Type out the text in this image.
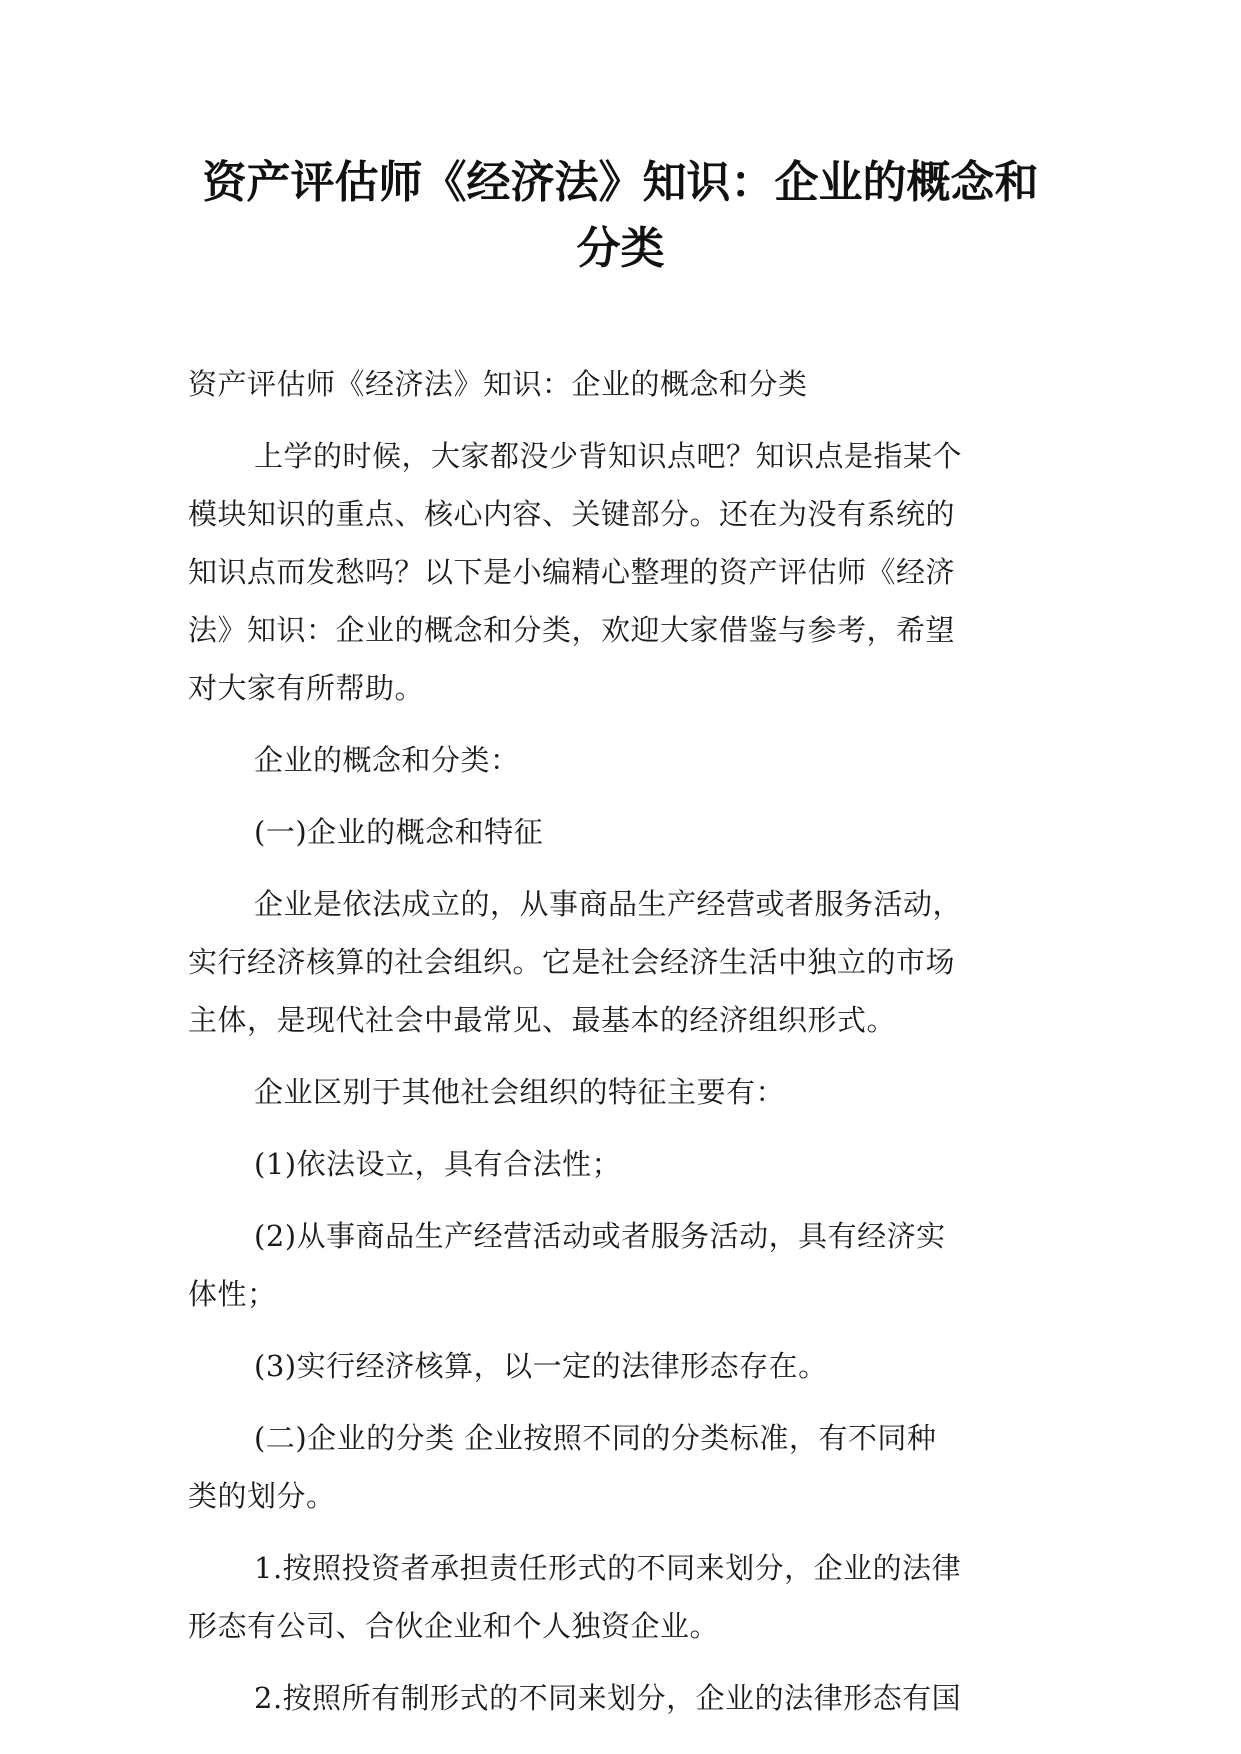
资产评估师《经济法》知识：企业的概念和
分类

资产评估师《经济法》知识：企业的概念和分类

上学的时候，大家都没少背知识点吧？知识点是指某个
模块知识的重点、核心内容、关键部分。还在为没有系统的
知识点而发愁吗？以下是小编精心整理的资产评估师《经济
法》知识：企业的概念和分类，欢迎大家借鉴与参考，希望
对大家有所帮助。

企业的概念和分类：

(一)企业的概念和特征

企业是依法成立的，从事商品生产经营或者服务活动，
实行经济核算的社会组织。它是社会经济生活中独立的市场
主体，是现代社会中最常见、最基本的经济组织形式。

企业区别于其他社会组织的特征主要有：

(1)依法设立，具有合法性；

(2)从事商品生产经营活动或者服务活动，具有经济实
体性；

(3)实行经济核算，以一定的法律形态存在。

(二)企业的分类 企业按照不同的分类标准，有不同种
类的划分。

1.按照投资者承担责任形式的不同来划分，企业的法律
形态有公司、合伙企业和个人独资企业。

2.按照所有制形式的不同来划分，企业的法律形态有国
